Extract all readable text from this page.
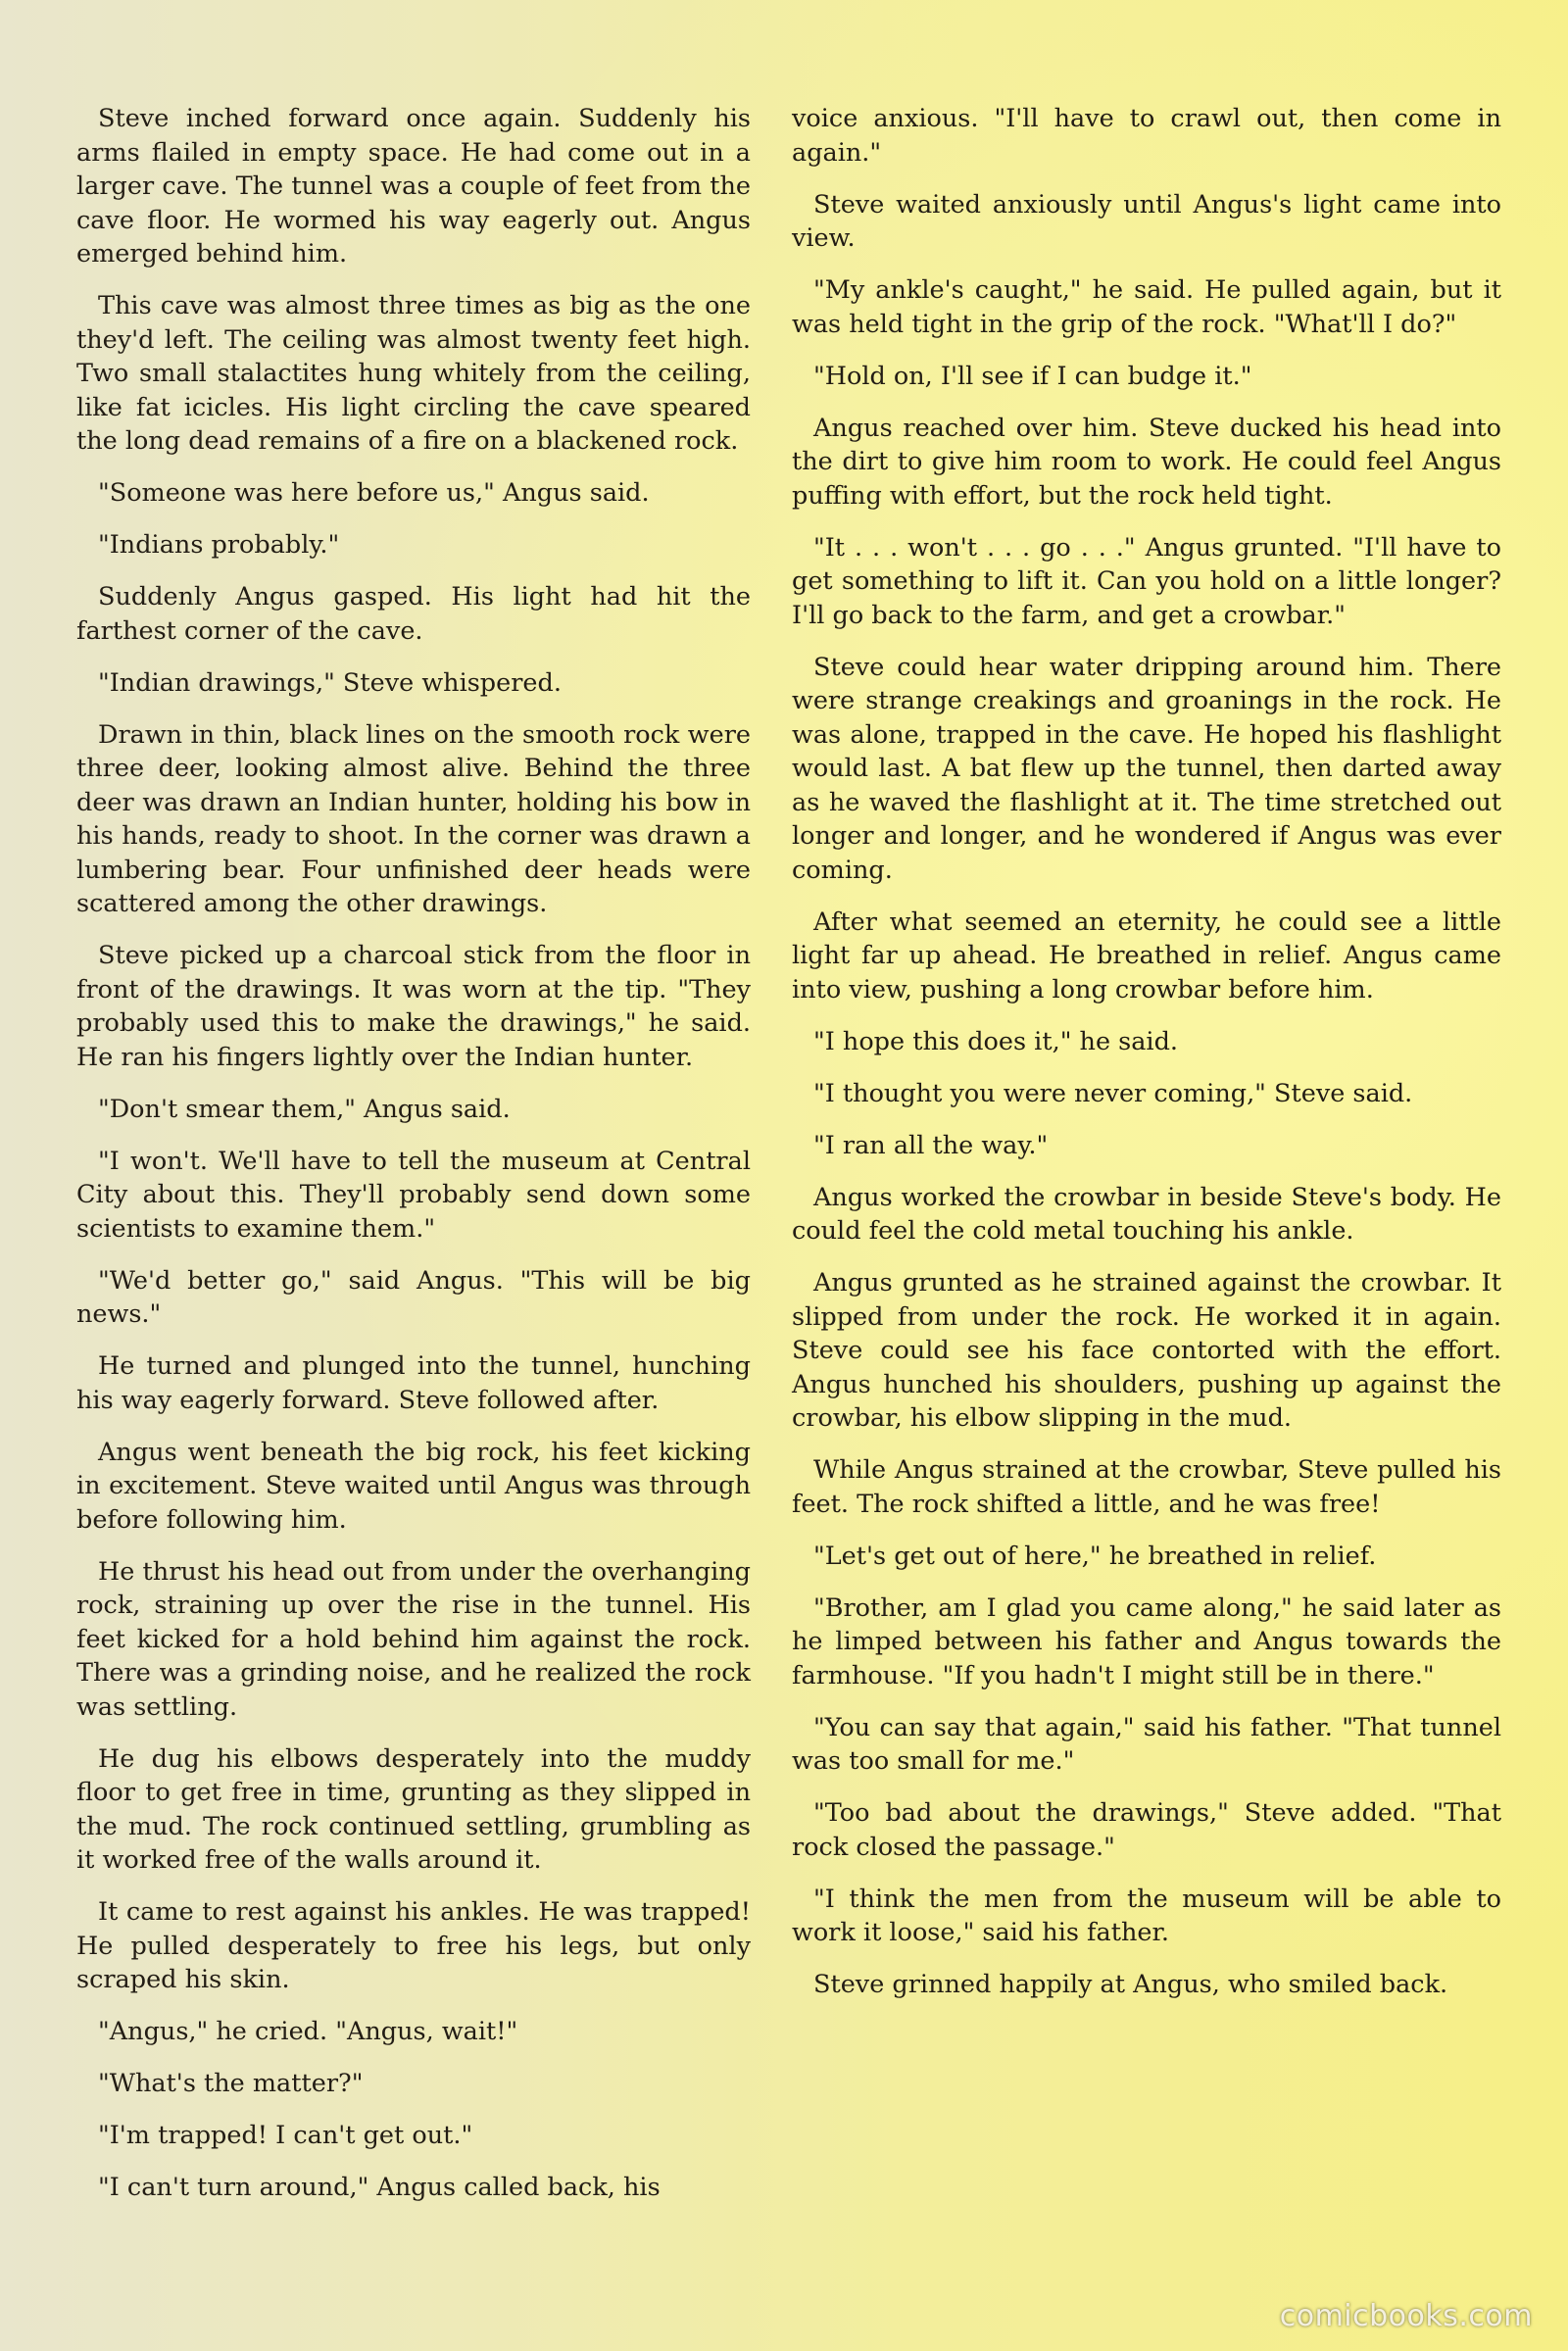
Steve inched forward once again. Suddenly his arms flailed in empty space. He had come out in a larger cave. The tunnel was a couple of feet from the cave floor. He wormed his way eagerly out. Angus emerged behind him.

This cave was almost three times as big as the one they'd left. The ceiling was almost twenty feet high. Two small stalactites hung whitely from the ceiling, like fat icicles. His light circling the cave speared the long dead remains of a fire on a blackened rock.

"Someone was here before us," Angus said.

"Indians probably."

Suddenly Angus gasped. His light had hit the farthest corner of the cave.

"Indian drawings," Steve whispered.

Drawn in thin, black lines on the smooth rock were three deer, looking almost alive. Behind the three deer was drawn an Indian hunter, holding his bow in his hands, ready to shoot. In the corner was drawn a lumbering bear. Four unfinished deer heads were scattered among the other drawings.

Steve picked up a charcoal stick from the floor in front of the drawings. It was worn at the tip. "They probably used this to make the drawings," he said. He ran his fingers lightly over the Indian hunter.

"Don't smear them," Angus said.

"I won't. We'll have to tell the museum at Central City about this. They'll probably send down some scientists to examine them."

"We'd better go," said Angus. "This will be big news."

He turned and plunged into the tunnel, hunching his way eagerly forward. Steve followed after.

Angus went beneath the big rock, his feet kicking in excitement. Steve waited until Angus was through before following him.

He thrust his head out from under the overhanging rock, straining up over the rise in the tunnel. His feet kicked for a hold behind him against the rock. There was a grinding noise, and he realized the rock was settling.

He dug his elbows desperately into the muddy floor to get free in time, grunting as they slipped in the mud. The rock continued settling, grumbling as it worked free of the walls around it.

It came to rest against his ankles. He was trapped! He pulled desperately to free his legs, but only scraped his skin.

"Angus," he cried. "Angus, wait!"

"What's the matter?"

"I'm trapped! I can't get out."

"I can't turn around," Angus called back, his

voice anxious. "I'll have to crawl out, then come in again."

Steve waited anxiously until Angus's light came into view.

"My ankle's caught," he said. He pulled again, but it was held tight in the grip of the rock. "What'll I do?"

"Hold on, I'll see if I can budge it."

Angus reached over him. Steve ducked his head into the dirt to give him room to work. He could feel Angus puffing with effort, but the rock held tight.

"It . . . won't . . . go . . ." Angus grunted. "I'll have to get something to lift it. Can you hold on a little longer? I'll go back to the farm, and get a crowbar."

Steve could hear water dripping around him. There were strange creakings and groanings in the rock. He was alone, trapped in the cave. He hoped his flashlight would last. A bat flew up the tunnel, then darted away as he waved the flashlight at it. The time stretched out longer and longer, and he wondered if Angus was ever coming.

After what seemed an eternity, he could see a little light far up ahead. He breathed in relief. Angus came into view, pushing a long crowbar before him.

"I hope this does it," he said.

"I thought you were never coming," Steve said.

"I ran all the way."

Angus worked the crowbar in beside Steve's body. He could feel the cold metal touching his ankle.

Angus grunted as he strained against the crowbar. It slipped from under the rock. He worked it in again. Steve could see his face contorted with the effort. Angus hunched his shoulders, pushing up against the crowbar, his elbow slipping in the mud.

While Angus strained at the crowbar, Steve pulled his feet. The rock shifted a little, and he was free!

"Let's get out of here," he breathed in relief.

"Brother, am I glad you came along," he said later as he limped between his father and Angus towards the farmhouse. "If you hadn't I might still be in there."

"You can say that again," said his father. "That tunnel was too small for me."

"Too bad about the drawings," Steve added. "That rock closed the passage."

"I think the men from the museum will be able to work it loose," said his father.

Steve grinned happily at Angus, who smiled back.

comicbooks.com
